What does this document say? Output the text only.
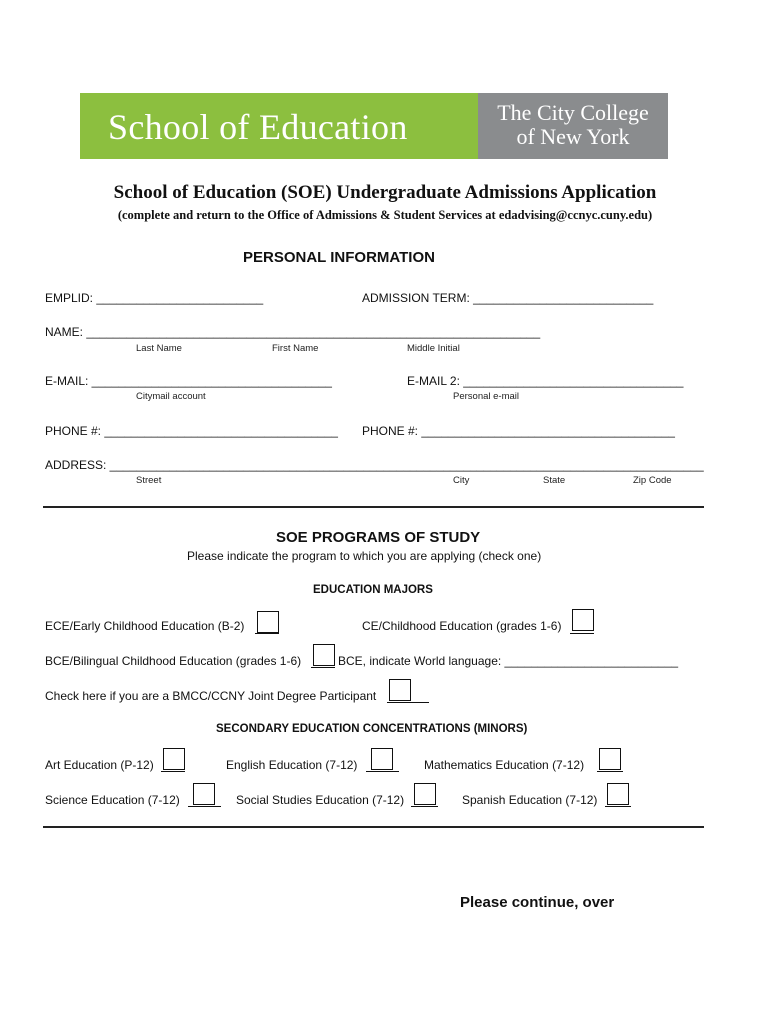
School of Education	The City College
of New York
School of Education (SOE) Undergraduate Admissions Application
(complete and return to the Office of Admissions & Student Services at edadvising@ccnyc.cuny.edu)
PERSONAL INFORMATION
EMPLID: _________________________	ADMISSION TERM: ___________________________
NAME: ____________________________________________________________________
Last Name	First Name	Middle Initial
E-MAIL: ____________________________________
Citymail account
E-MAIL 2: _________________________________
Personal e-mail
PHONE #: ___________________________________ PHONE #: ______________________________________
ADDRESS: _________________________________________________________________________________________
Street	City	State	Zip Code
SOE PROGRAMS OF STUDY
Please indicate the program to which you are applying (check one)
EDUCATION MAJORS
ECE/Early Childhood Education (B-2)	CE/Childhood Education (grades 1-6)
BCE/Bilingual Childhood Education (grades 1-6)	BCE, indicate World language: __________________________
Check here if you are a BMCC/CCNY Joint Degree Participant
SECONDARY EDUCATION CONCENTRATIONS (MINORS)
Art Education (P-12)	English Education (7-12)	Mathematics Education (7-12)
Science Education (7-12)	Social Studies Education (7-12)	Spanish Education (7-12)
Please continue, over
